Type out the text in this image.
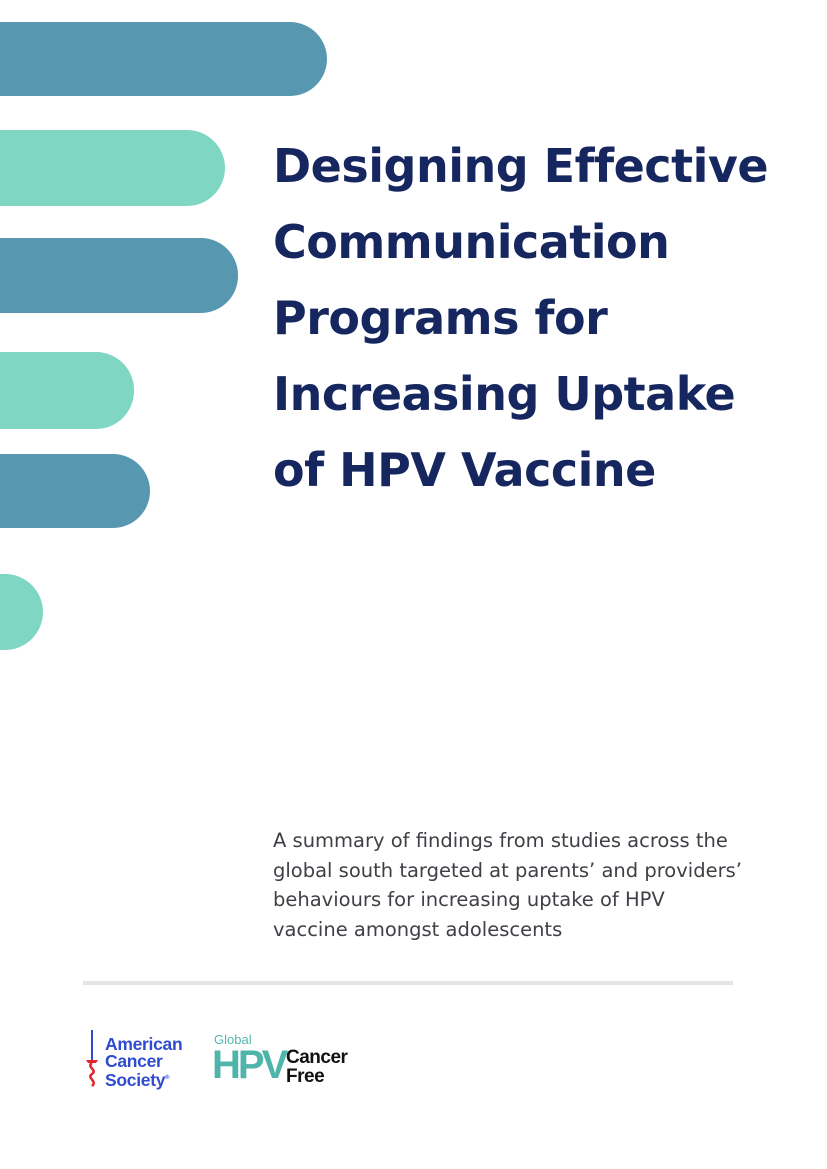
Designing Effective
Communication
Programs for
Increasing Uptake
of HPV Vaccine

A summary of findings from studies across the
global south targeted at parents’ and providers’
behaviours for increasing uptake of HPV
vaccine amongst adolescents

American
Cancer
Society®

Global
HPV Cancer
Free
